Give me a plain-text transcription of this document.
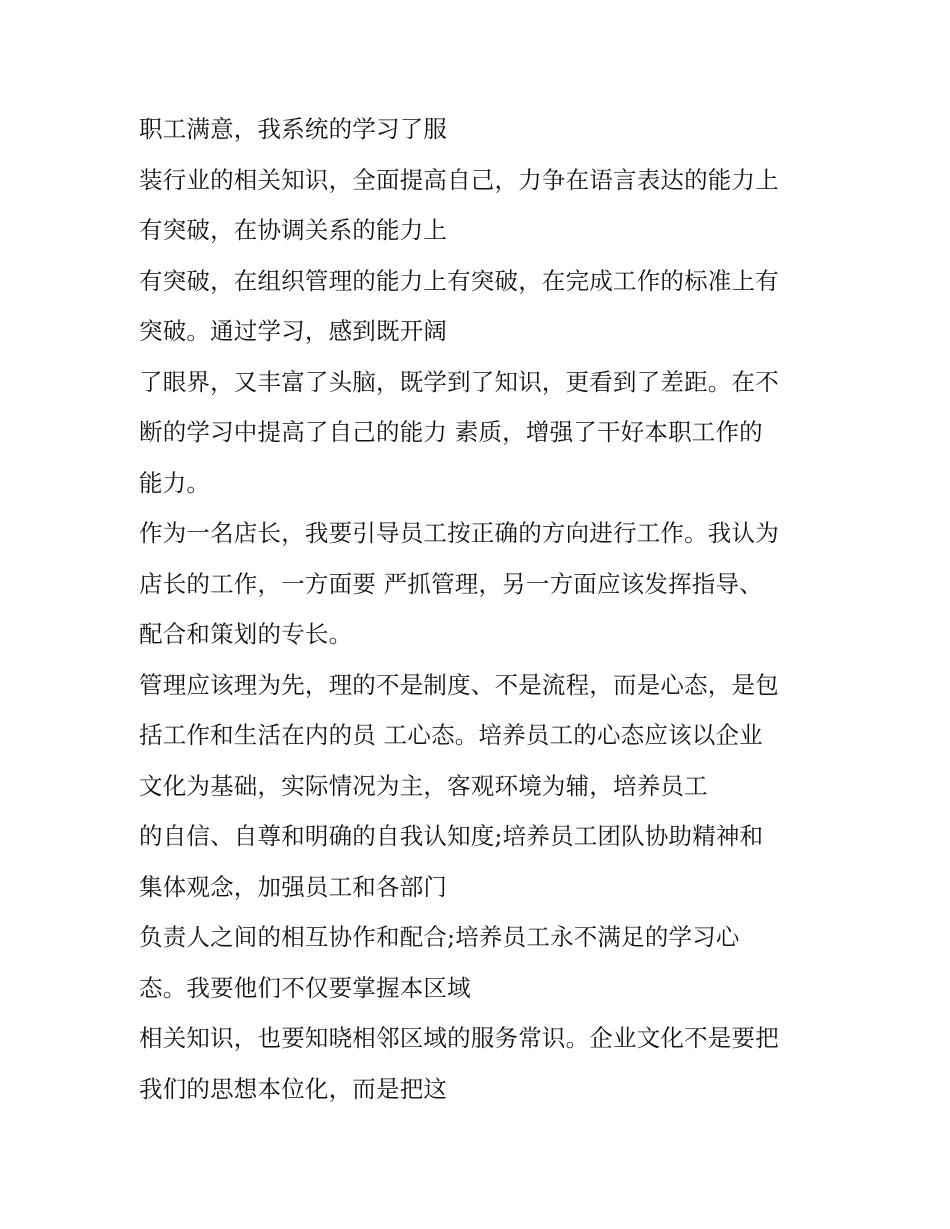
职工满意，我系统的学习了服
装行业的相关知识，全面提高自己，力争在语言表达的能力上
有突破，在协调关系的能力上
有突破，在组织管理的能力上有突破，在完成工作的标准上有
突破。通过学习，感到既开阔
了眼界，又丰富了头脑，既学到了知识，更看到了差距。在不
断的学习中提高了自己的能力 素质，增强了干好本职工作的
能力。
作为一名店长，我要引导员工按正确的方向进行工作。我认为
店长的工作，一方面要 严抓管理，另一方面应该发挥指导、
配合和策划的专长。
管理应该理为先，理的不是制度、不是流程，而是心态，是包
括工作和生活在内的员 工心态。培养员工的心态应该以企业
文化为基础，实际情况为主，客观环境为辅，培养员工
的自信、自尊和明确的自我认知度;培养员工团队协助精神和
集体观念，加强员工和各部门
负责人之间的相互协作和配合;培养员工永不满足的学习心
态。我要他们不仅要掌握本区域
相关知识，也要知晓相邻区域的服务常识。企业文化不是要把
我们的思想本位化，而是把这
